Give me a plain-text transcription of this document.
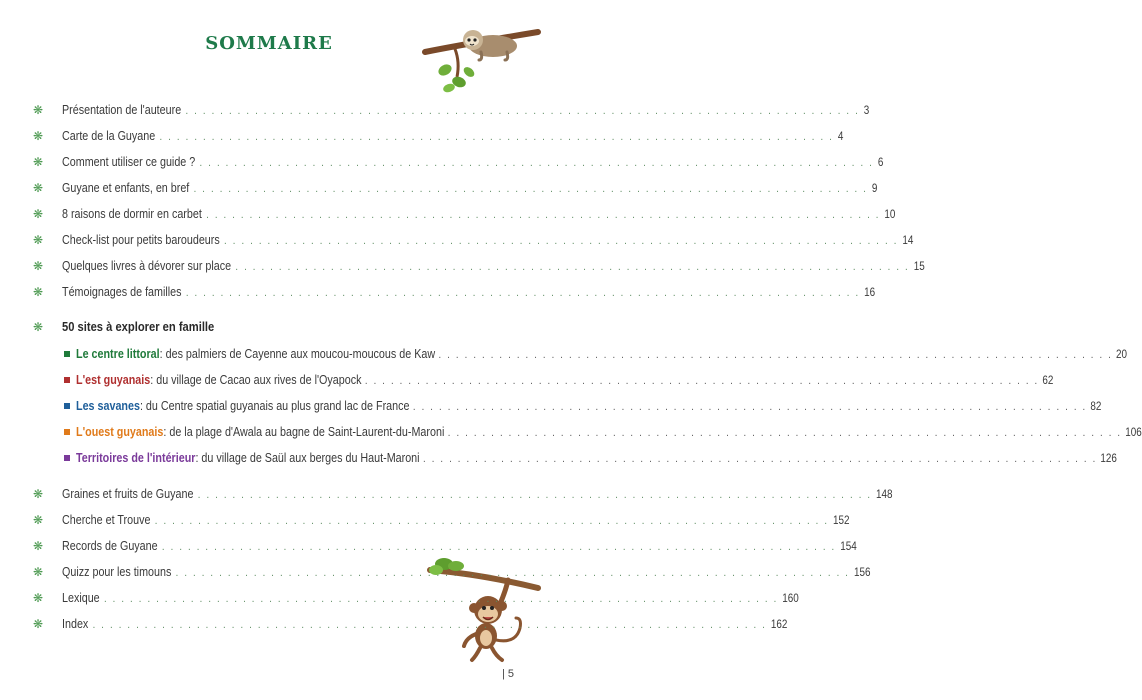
SOMMAIRE
❋ Présentation de l'auteure . . . . . . . . . . . . . . . . . . . . . . . . . . . . . . . . . . . . . . . . . . . . . . . . . . . . . . . . . . . . . . . . . . . . . . . . . . . . . . 3
❋ Carte de la Guyane . . . . . . . . . . . . . . . . . . . . . . . . . . . . . . . . . . . . . . . . . . . . . . . . . . . . . . . . . . . . . . . . . . . . . . . . . . . . . . 4
❋ Comment utiliser ce guide ? . . . . . . . . . . . . . . . . . . . . . . . . . . . . . . . . . . . . . . . . . . . . . . . . . . . . . . . . . . . . . . . . . . . . . . . . . . . . . . 6
❋ Guyane et enfants, en bref . . . . . . . . . . . . . . . . . . . . . . . . . . . . . . . . . . . . . . . . . . . . . . . . . . . . . . . . . . . . . . . . . . . . . . . . . . . . . . 9
❋ 8 raisons de dormir en carbet . . . . . . . . . . . . . . . . . . . . . . . . . . . . . . . . . . . . . . . . . . . . . . . . . . . . . . . . . . . . . . . . . . . . . . . . . . . . . . 10
❋ Check-list pour petits baroudeurs . . . . . . . . . . . . . . . . . . . . . . . . . . . . . . . . . . . . . . . . . . . . . . . . . . . . . . . . . . . . . . . . . . . . . . . . . . . . . . 14
❋ Quelques livres à dévorer sur place . . . . . . . . . . . . . . . . . . . . . . . . . . . . . . . . . . . . . . . . . . . . . . . . . . . . . . . . . . . . . . . . . . . . . . . . . . . . . . 15
❋ Témoignages de familles . . . . . . . . . . . . . . . . . . . . . . . . . . . . . . . . . . . . . . . . . . . . . . . . . . . . . . . . . . . . . . . . . . . . . . . . . . . . . . 16
❋ 50 sites à explorer en famille
Le centre littoral : des palmiers de Cayenne aux moucou-moucous de Kaw . . . . . . . . . . . . . . . . . . . . . . . . . . . . . . . . . . . . . . . . . . . . . . . . . . . . . . . . . . . . . . . . . . . . . . . . . . . . . . 20
L'est guyanais : du village de Cacao aux rives de l'Oyapock . . . . . . . . . . . . . . . . . . . . . . . . . . . . . . . . . . . . . . . . . . . . . . . . . . . . . . . . . . . . . . . . . . . . . . . . . . . . . . 62
Les savanes : du Centre spatial guyanais au plus grand lac de France . . . . . . . . . . . . . . . . . . . . . . . . . . . . . . . . . . . . . . . . . . . . . . . . . . . . . . . . . . . . . . . . . . . . . . . . . . . . . . 82
L'ouest guyanais : de la plage d'Awala au bagne de Saint-Laurent-du-Maroni . . . . . . . . . . . . . . . . . . . . . . . . . . . . . . . . . . . . . . . . . . . . . . . . . . . . . . . . . . . . . . . . . . . . . . . . . . . . . . 106
Territoires de l'intérieur : du village de Saül aux berges du Haut-Maroni . . . . . . . . . . . . . . . . . . . . . . . . . . . . . . . . . . . . . . . . . . . . . . . . . . . . . . . . . . . . . . . . . . . . . . . . . . . . . . 126
❋ Graines et fruits de Guyane . . . . . . . . . . . . . . . . . . . . . . . . . . . . . . . . . . . . . . . . . . . . . . . . . . . . . . . . . . . . . . . . . . . . . . . . . . . . . . 148
❋ Cherche et Trouve . . . . . . . . . . . . . . . . . . . . . . . . . . . . . . . . . . . . . . . . . . . . . . . . . . . . . . . . . . . . . . . . . . . . . . . . . . . . . . 152
❋ Records de Guyane . . . . . . . . . . . . . . . . . . . . . . . . . . . . . . . . . . . . . . . . . . . . . . . . . . . . . . . . . . . . . . . . . . . . . . . . . . . . . . 154
❋ Quizz pour les timouns . . . . . . . . . . . . . . . . . . . . . . . . . . . . . . . . . . . . . . . . . . . . . . . . . . . . . . . . . . . . . . . . . . . . . . . . . . . . . . 156
❋ Lexique . . . . . . . . . . . . . . . . . . . . . . . . . . . . . . . . . . . . . . . . . . . . . . . . . . . . . . . . . . . . . . . . . . . . . . . . . . . . . . 160
❋ Index . . . . . . . . . . . . . . . . . . . . . . . . . . . . . . . . . . . . . . . . . . . . . . . . . . . . . . . . . . . . . . . . . . . . . . . . . . . . . . 162
| 5
